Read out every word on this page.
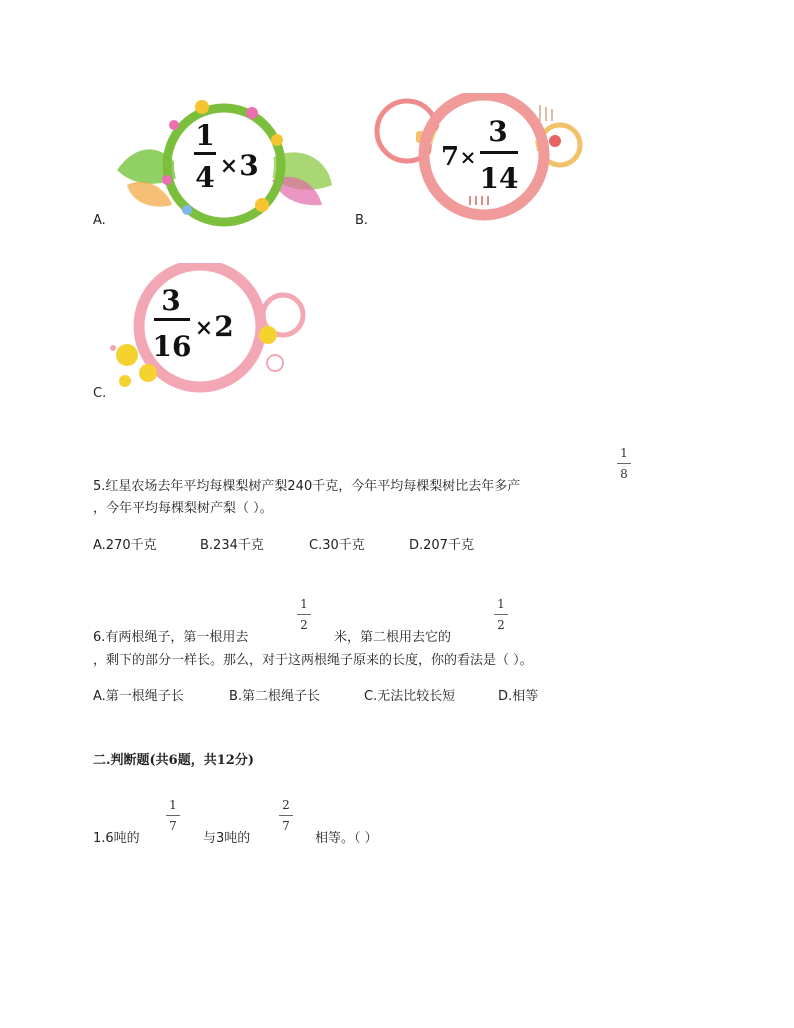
1
4 × 3
A.
7 ×
3
14
B.
3
16
× 2
C.
1
8
5.红星农场去年平均每棵梨树产梨240千克，今年平均每棵梨树比去年多产
，今年平均每棵梨树产梨（ ）。
A.270千克	B.234千克	C.30千克	D.207千克
6.有两根绳子，第一根用去
1
2
米，第二根用去它的
1
2
，剩下的部分一样长。那么，对于这两根绳子原来的长度，你的看法是（ ）。
A.第一根绳子长	B.第二根绳子长	C.无法比较长短	D.相等
二.判断题(共6题，共12分)
1.6吨的
1
7
与3吨的
2
7
相等。（ ）
